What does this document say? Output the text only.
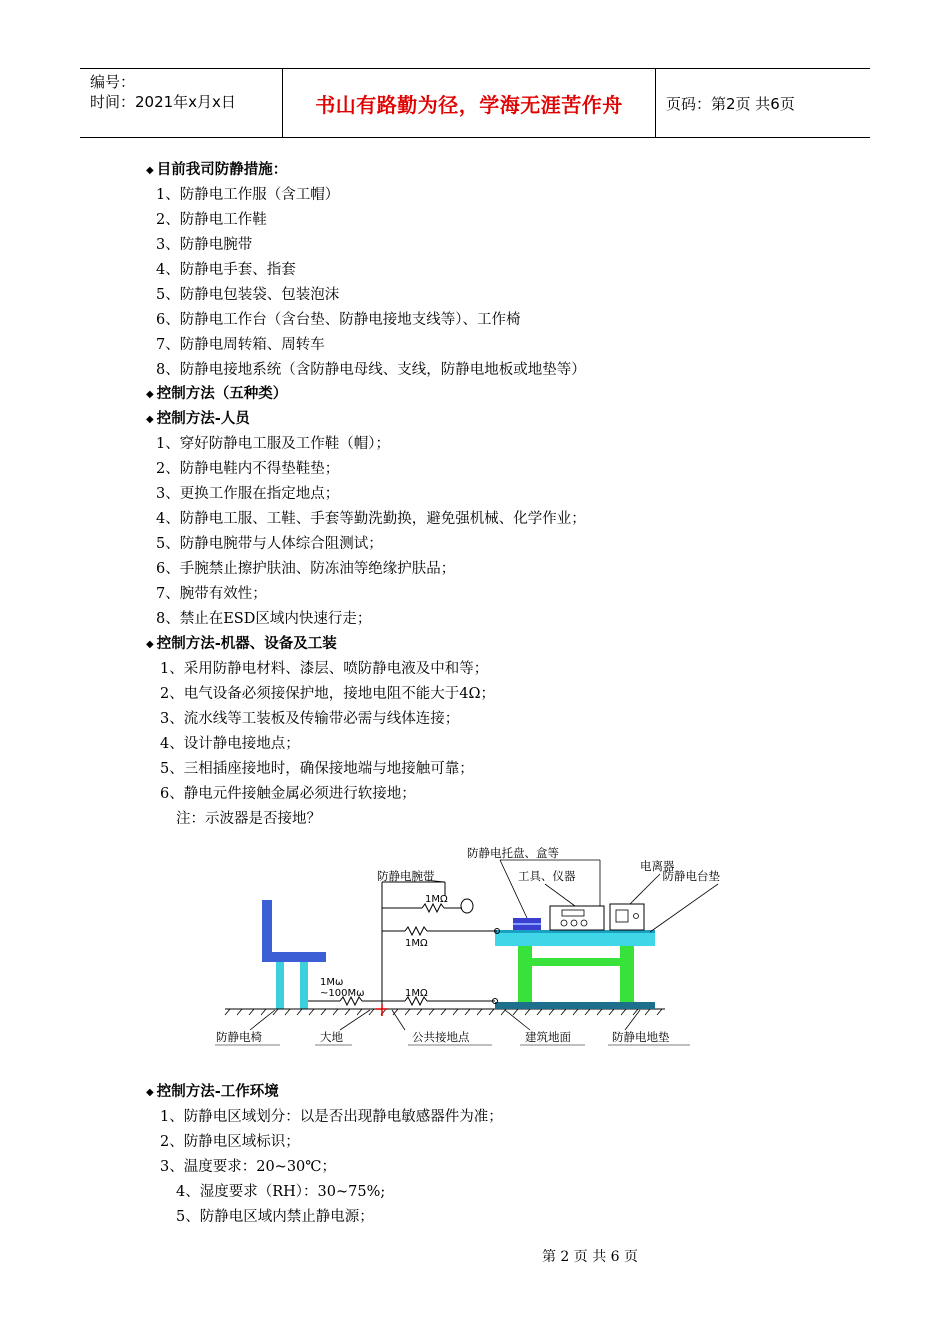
编号：
时间：2021年x月x日	书山有路勤为径，学海无涯苦作舟	页码：第2页 共6页
◆ 目前我司防静措施：
1、防静电工作服（含工帽）
2、防静电工作鞋
3、防静电腕带
4、防静电手套、指套
5、防静电包装袋、包装泡沫
6、防静电工作台（含台垫、防静电接地支线等）、工作椅
7、防静电周转箱、周转车
8、防静电接地系统（含防静电母线、支线，防静电地板或地垫等）
◆ 控制方法（五种类）
◆ 控制方法-人员
1、穿好防静电工服及工作鞋（帽）；
2、防静电鞋内不得垫鞋垫；
3、更换工作服在指定地点；
4、防静电工服、工鞋、手套等勤洗勤换，避免强机械、化学作业；
5、防静电腕带与人体综合阻测试；
6、手腕禁止擦护肤油、防冻油等绝缘护肤品；
7、腕带有效性；
8、禁止在ESD区域内快速行走；
◆ 控制方法-机器、设备及工装
1、采用防静电材料、漆层、喷防静电液及中和等；
2、电气设备必须接保护地，接地电阻不能大于4Ω；
3、流水线等工装板及传输带必需与线体连接；
4、设计静电接地点；
5、三相插座接地时，确保接地端与地接触可靠；
6、静电元件接触金属必须进行软接地；
注：示波器是否接地？
防静电托盘、盒等
防静电腕带	工具、仪器
电离器
防静电台垫
1MΩ
1MΩ
1MΩ
1Mω
~100Mω
防静电椅	大地	公共接地点	建筑地面	防静电地垫
◆ 控制方法-工作环境
1、防静电区域划分：以是否出现静电敏感器件为准；
2、防静电区域标识；
3、温度要求：20~30℃；
4、湿度要求（RH）：30~75%;
5、防静电区域内禁止静电源；
第 2 页 共 6 页
